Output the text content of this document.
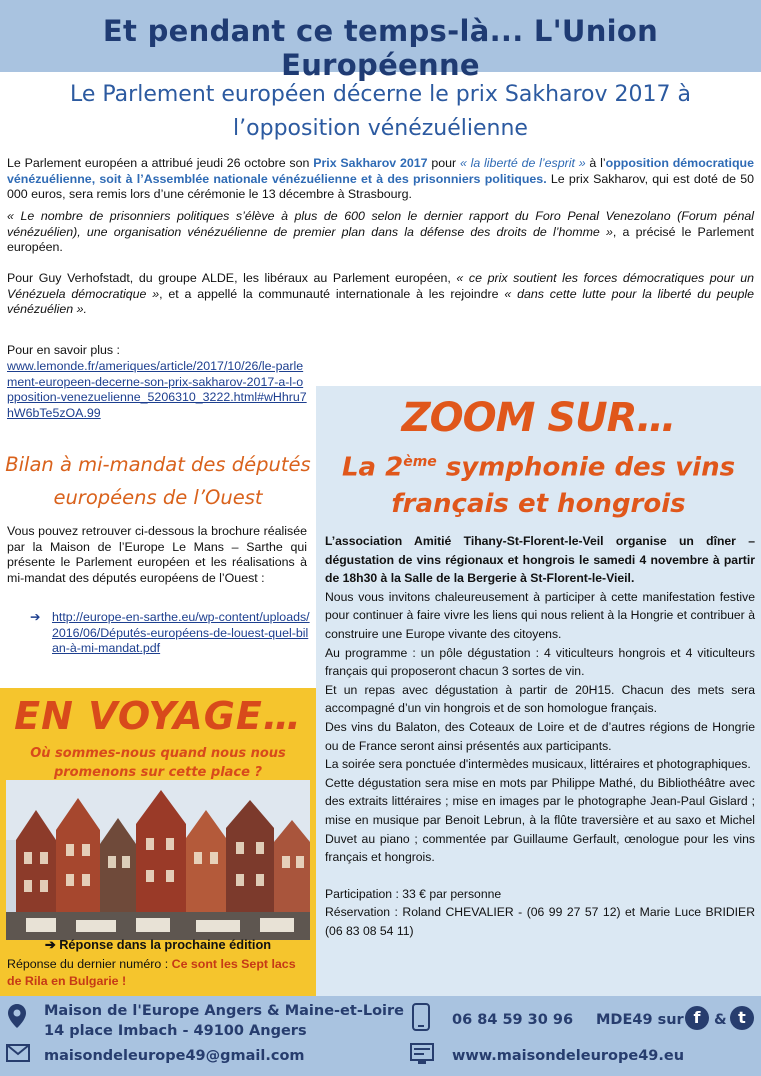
Et pendant ce temps-là... L'Union Européenne
Le Parlement européen décerne le prix Sakharov 2017 à l’opposition vénézuélienne

Le Parlement européen a attribué jeudi 26 octobre son Prix Sakharov 2017 pour « la liberté de l’esprit » à l’opposition démocratique vénézuélienne, soit à l’Assemblée nationale vénézuélienne et à des prisonniers politiques. Le prix Sakharov, qui est doté de 50 000 euros, sera remis lors d’une cérémonie le 13 décembre à Strasbourg.

« Le nombre de prisonniers politiques s’élève à plus de 600 selon le dernier rapport du Foro Penal Venezolano (Forum pénal vénézuélien), une organisation vénézuélienne de premier plan dans la défense des droits de l’homme », a précisé le Parlement européen.

Pour Guy Verhofstadt, du groupe ALDE, les libéraux au Parlement européen, « ce prix soutient les forces démocratiques pour un Vénézuela démocratique », et a appellé la communauté internationale à les rejoindre « dans cette lutte pour la liberté du peuple vénézuélien ».

Pour en savoir plus :

www.lemonde.fr/ameriques/article/2017/10/26/le-parlement-europeen-decerne-son-prix-sakharov-2017-a-l-opposition-venezuelienne_5206310_3222.html#wHhru7hW6bTe5zOA.99

Bilan à mi-mandat des députés européens de l’Ouest

Vous pouvez retrouver ci-dessous la brochure réalisée par la Maison de l’Europe Le Mans – Sarthe qui présente le Parlement européen et les réalisations à mi-mandat des députés européens de l’Ouest :

➔ http://europe-en-sarthe.eu/wp-content/uploads/2016/06/Députés-européens-de-louest-quel-bilan-à-mi-mandat.pdf

ZOOM SUR…

La 2ème symphonie des vins français et hongrois

L’association Amitié Tihany-St-Florent-le-Veil organise un dîner – dégustation de vins régionaux et hongrois le samedi 4 novembre à partir de 18h30 à la Salle de la Bergerie à St-Florent-le-Vieil.
Nous vous invitons chaleureusement à participer à cette manifestation festive pour continuer à faire vivre les liens qui nous relient à la Hongrie et contribuer à construire une Europe vivante des citoyens.
Au programme : un pôle dégustation : 4 viticulteurs hongrois et 4 viticulteurs français qui proposeront chacun 3 sortes de vin.
Et un repas avec dégustation à partir de 20H15. Chacun des mets sera accompagné d’un vin hongrois et de son homologue français.
Des vins du Balaton, des Coteaux de Loire et de d’autres régions de Hongrie ou de France seront ainsi présentés aux participants.
La soirée sera ponctuée d'intermèdes musicaux, littéraires et photographiques.
Cette dégustation sera mise en mots par Philippe Mathé, du Bibliothéâtre avec des extraits littéraires ; mise en images par le photographe Jean-Paul Gislard ; mise en musique par Benoit Lebrun, à la flûte traversière et au saxo et Michel Duvet au piano ; commentée par Guillaume Gerfault, œnologue pour les vins français et hongrois.
Participation : 33 € par personne
Réservation : Roland CHEVALIER - (06 99 27 57 12) et Marie Luce BRIDIER (06 83 08 54 11)
EN VOYAGE…

Où sommes-nous quand nous nous promenons sur cette place ?

➔ Réponse dans la prochaine édition

Réponse du dernier numéro : Ce sont les Sept lacs de Rila en Bulgarie !

Maison de l'Europe Angers & Maine-et-Loire
14 place Imbach - 49100 Angers
06 84 59 30 96 MDE49 sur f & t
maisondeleurope49@gmail.com	www.maisondeleurope49.eu
